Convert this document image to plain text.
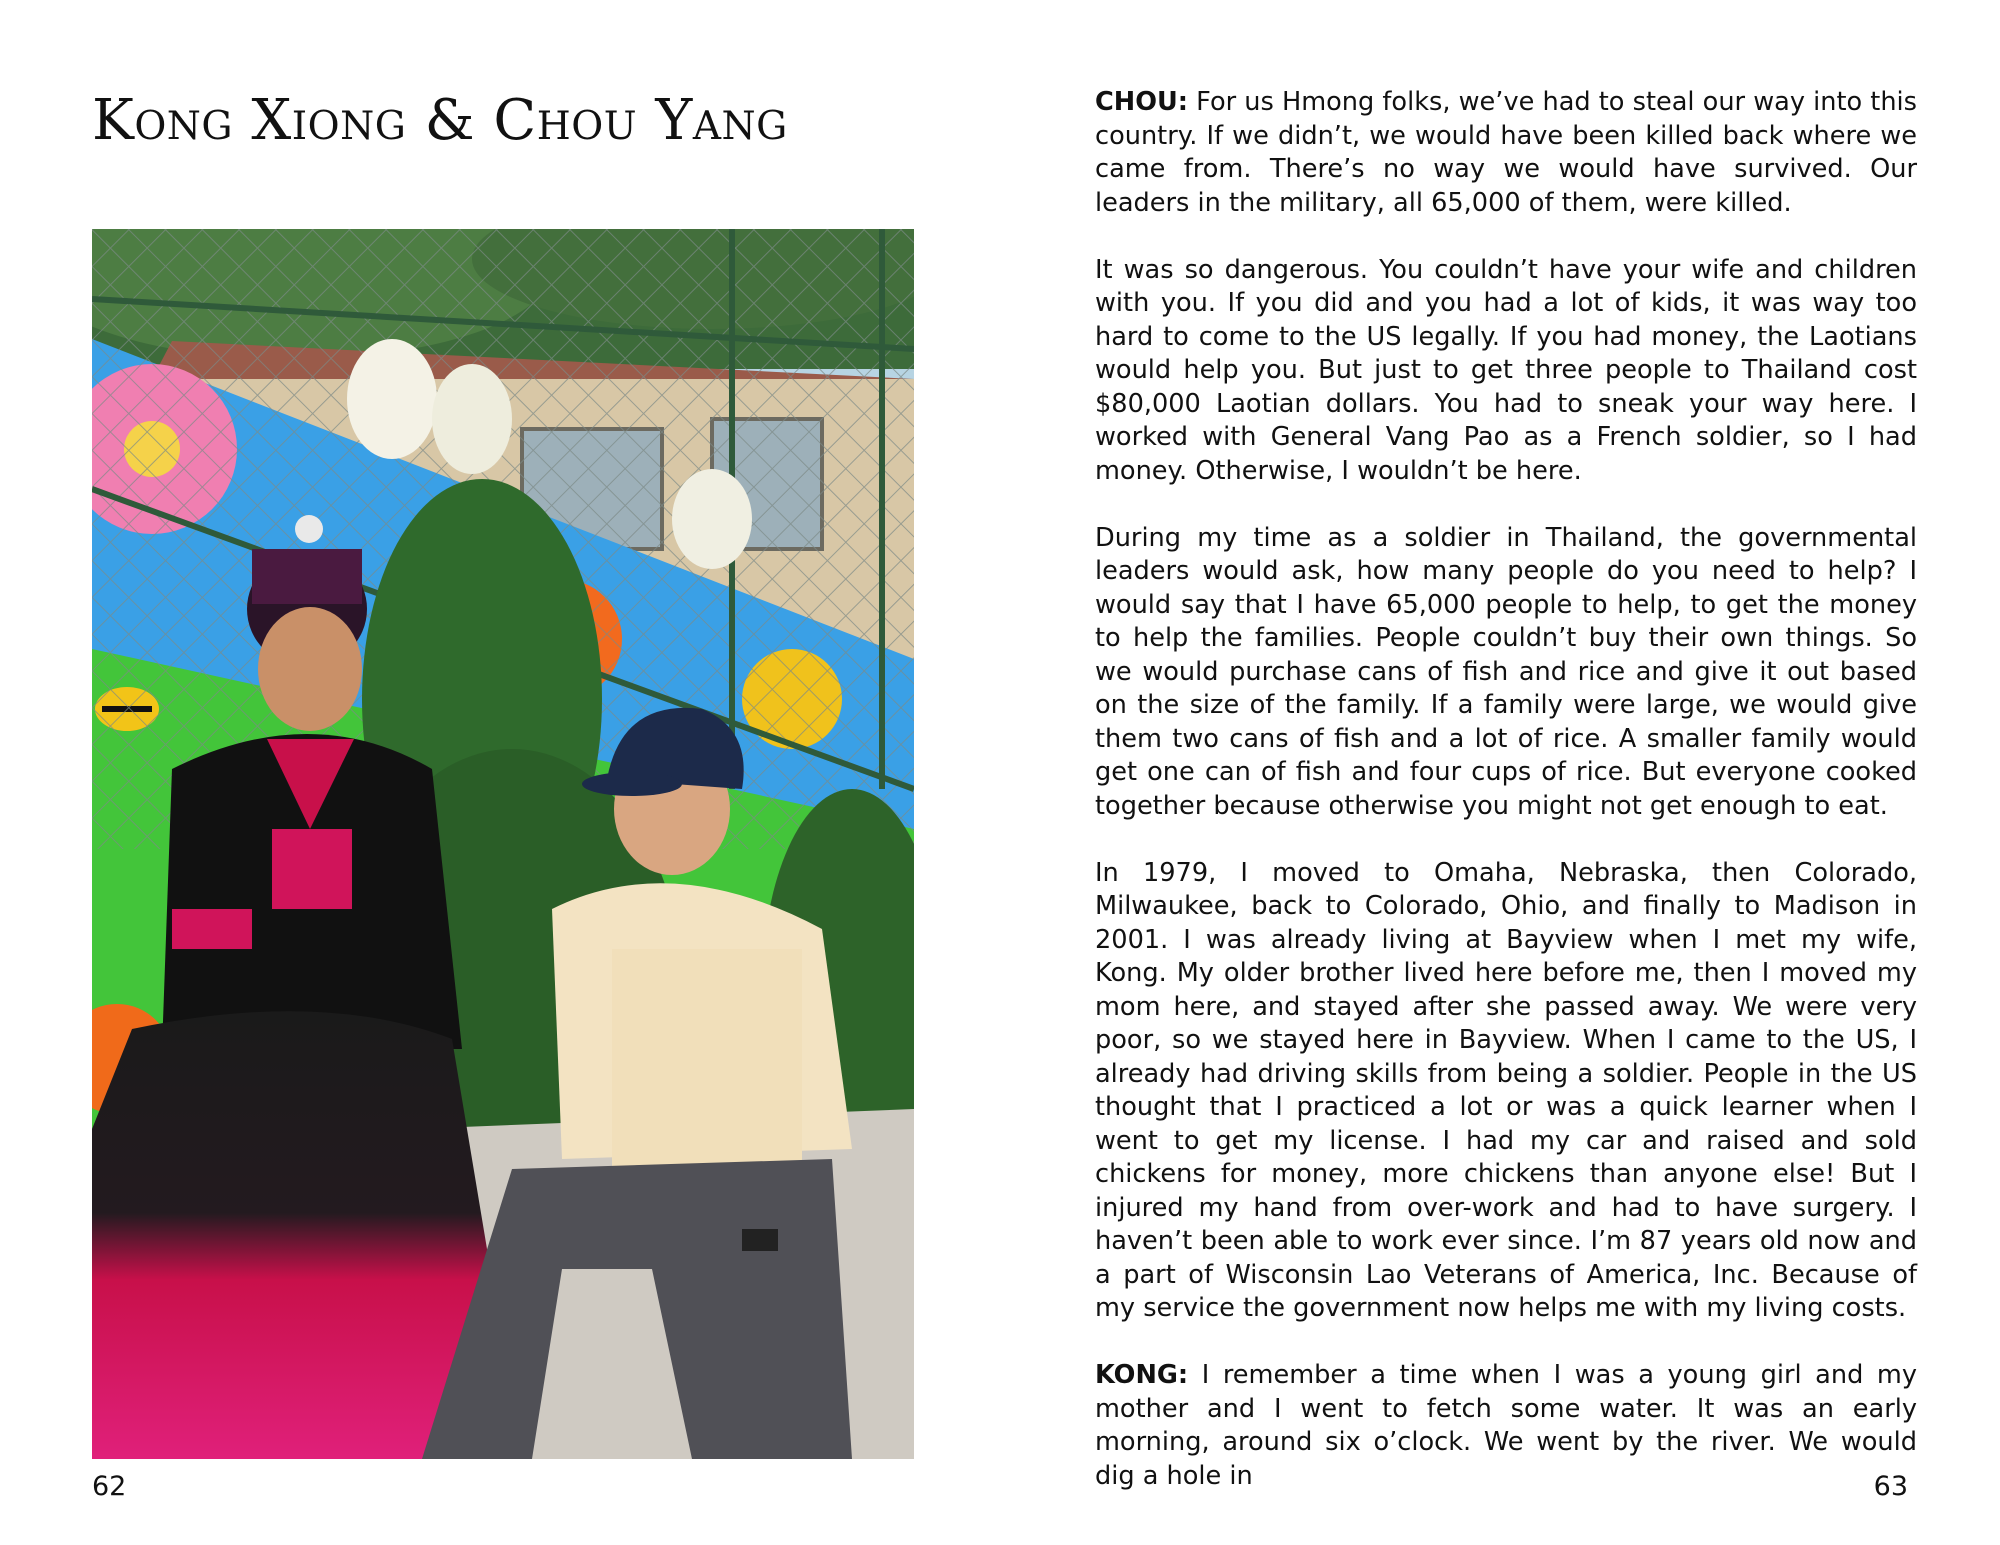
Kong Xiong & Chou Yang
62

CHOU: For us Hmong folks, we’ve had to steal our way into this country. If we didn’t, we would have been killed back where we came from. There’s no way we would have survived. Our leaders in the military, all 65,000 of them, were killed.

It was so dangerous. You couldn’t have your wife and children with you. If you did and you had a lot of kids, it was way too hard to come to the US legally. If you had money, the Laotians would help you. But just to get three people to Thailand cost $80,000 Laotian dollars. You had to sneak your way here. I worked with General Vang Pao as a French soldier, so I had money. Otherwise, I wouldn’t be here.

During my time as a soldier in Thailand, the governmental leaders would ask, how many people do you need to help? I would say that I have 65,000 people to help, to get the money to help the families. People couldn’t buy their own things. So we would purchase cans of fish and rice and give it out based on the size of the family. If a family were large, we would give them two cans of fish and a lot of rice. A smaller family would get one can of fish and four cups of rice. But everyone cooked together because otherwise you might not get enough to eat.

In 1979, I moved to Omaha, Nebraska, then Colorado, Milwaukee, back to Colorado, Ohio, and finally to Madison in 2001. I was already living at Bayview when I met my wife, Kong. My older brother lived here before me, then I moved my mom here, and stayed after she passed away. We were very poor, so we stayed here in Bayview. When I came to the US, I already had driving skills from being a soldier. People in the US thought that I practiced a lot or was a quick learner when I went to get my license. I had my car and raised and sold chickens for money, more chickens than anyone else! But I injured my hand from over-work and had to have surgery. I haven’t been able to work ever since. I’m 87 years old now and a part of Wisconsin Lao Veterans of America, Inc. Because of my service the government now helps me with my living costs.

KONG: I remember a time when I was a young girl and my mother and I went to fetch some water. It was an early morning, around six o’clock. We went by the river. We would dig a hole in	63
